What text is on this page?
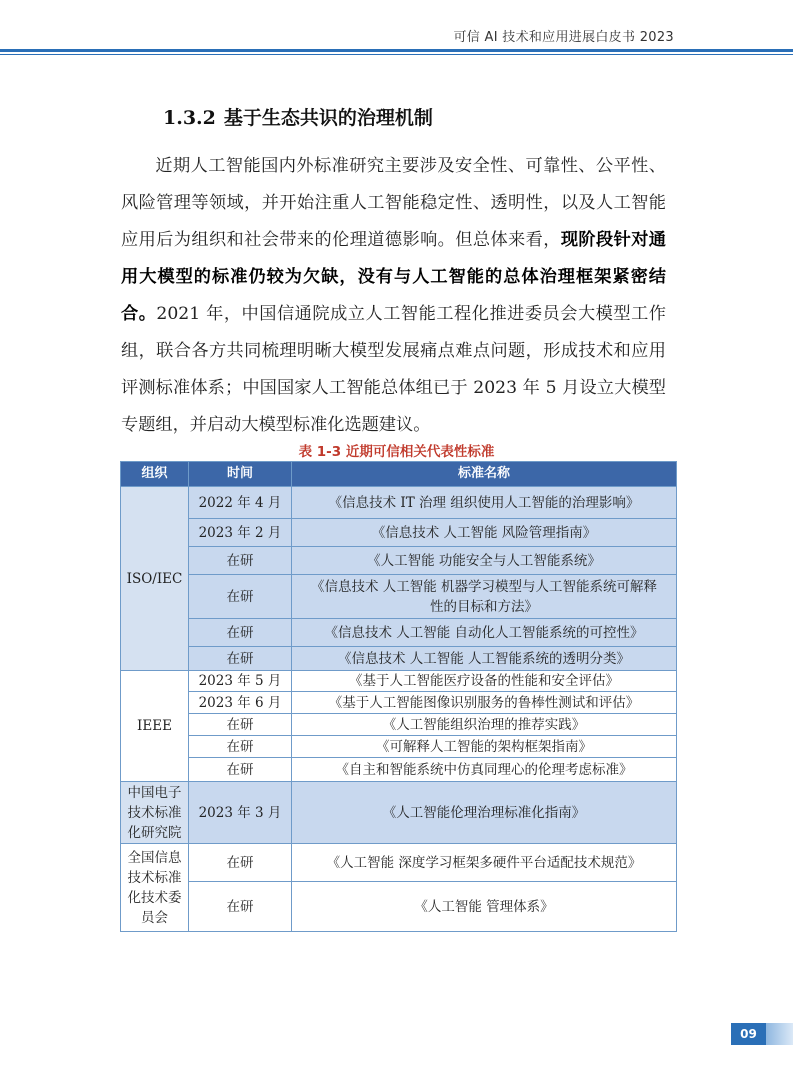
可信 AI 技术和应用进展白皮书 2023
1.3.2 基于生态共识的治理机制
近期人工智能国内外标准研究主要涉及安全性、可靠性、公平性、风险管理等领域，并开始注重人工智能稳定性、透明性，以及人工智能应用后为组织和社会带来的伦理道德影响。但总体来看，现阶段针对通用大模型的标准仍较为欠缺，没有与人工智能的总体治理框架紧密结合。2021 年，中国信通院成立人工智能工程化推进委员会大模型工作组，联合各方共同梳理明晰大模型发展痛点难点问题，形成技术和应用评测标准体系；中国国家人工智能总体组已于 2023 年 5 月设立大模型专题组，并启动大模型标准化选题建议。
表 1-3 近期可信相关代表性标准
组织	时间	标准名称
ISO/IEC	2022 年 4 月	《信息技术 IT 治理 组织使用人工智能的治理影响》
	2023 年 2 月	《信息技术 人工智能 风险管理指南》
	在研	《人工智能 功能安全与人工智能系统》
	在研	《信息技术 人工智能 机器学习模型与人工智能系统可解释性的目标和方法》
	在研	《信息技术 人工智能 自动化人工智能系统的可控性》
	在研	《信息技术 人工智能 人工智能系统的透明分类》
IEEE	2023 年 5 月	《基于人工智能医疗设备的性能和安全评估》
	2023 年 6 月	《基于人工智能图像识别服务的鲁棒性测试和评估》
	在研	《人工智能组织治理的推荐实践》
	在研	《可解释人工智能的架构框架指南》
	在研	《自主和智能系统中仿真同理心的伦理考虑标准》
中国电子技术标准化研究院	2023 年 3 月	《人工智能伦理治理标准化指南》
全国信息技术标准化技术委员会	在研	《人工智能 深度学习框架多硬件平台适配技术规范》
	在研	《人工智能 管理体系》
09
